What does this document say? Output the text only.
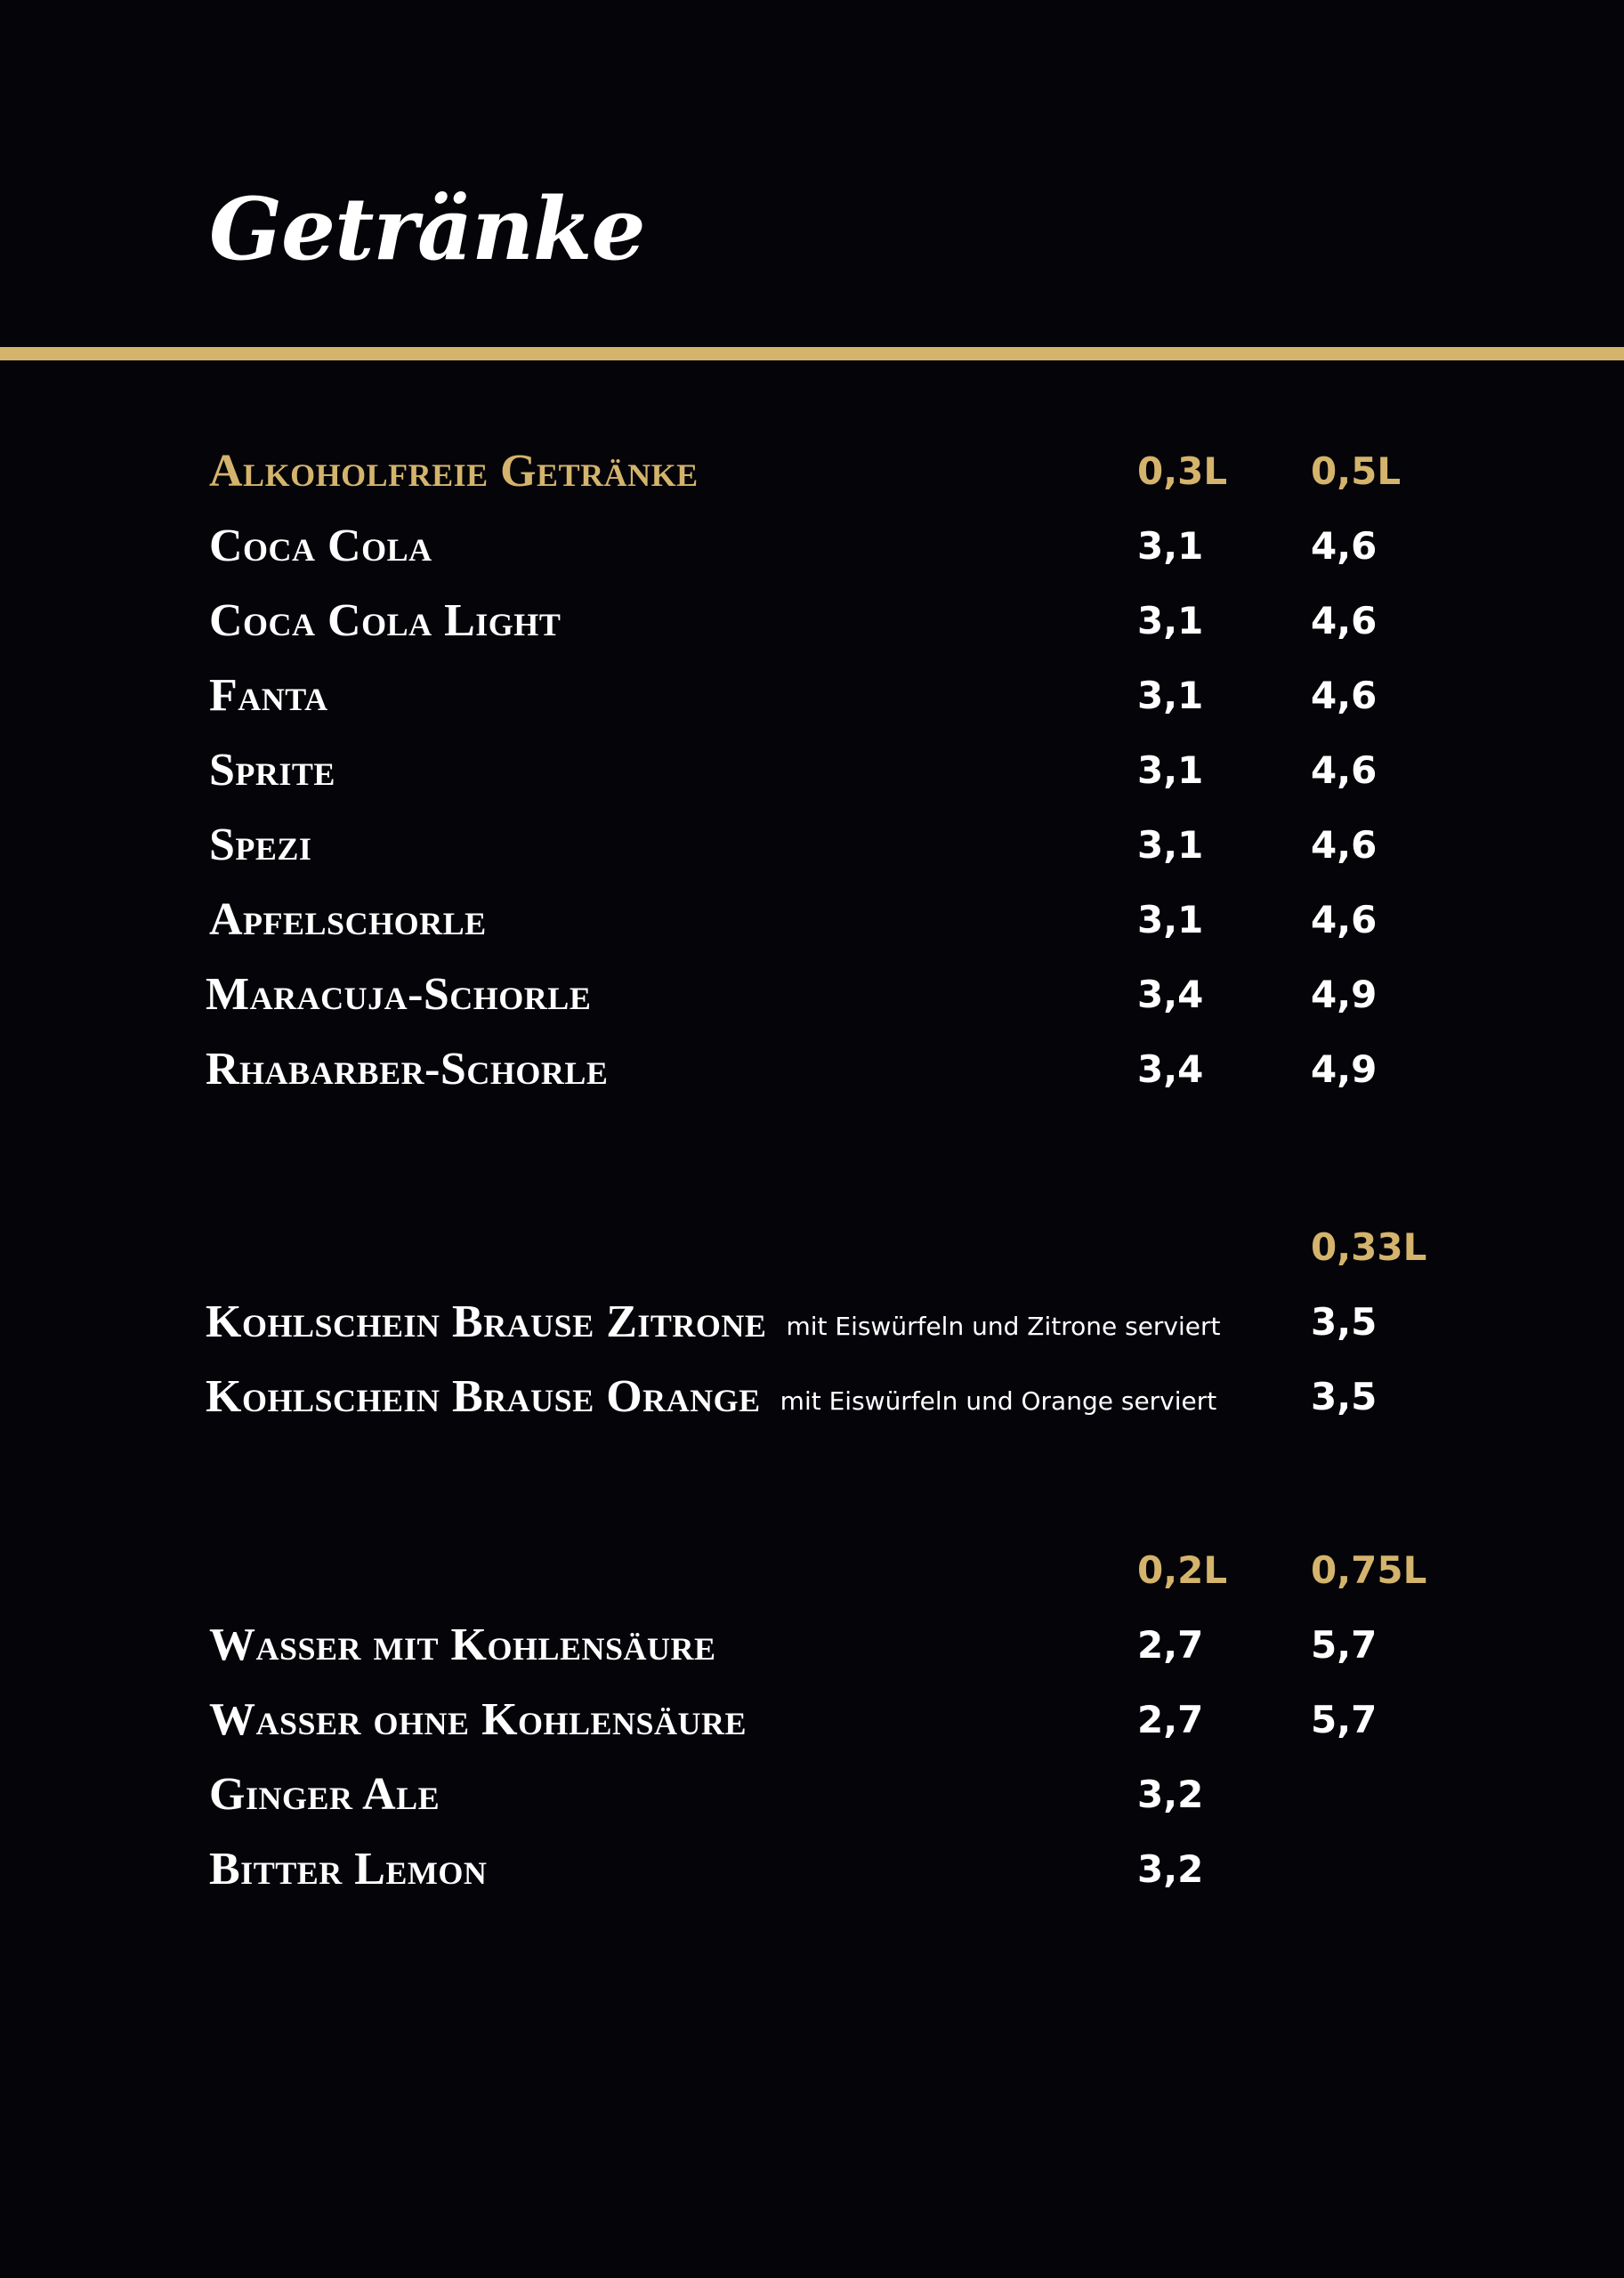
Getränke
Alkoholfreie Getränke	0,3L 0,5L
Coca Cola	3,1	4,6
Coca Cola Light	3,1	4,6
Fanta	3,1	4,6
Sprite	3,1	4,6
Spezi	3,1	4,6
Apfelschorle	3,1	4,6
Maracuja-Schorle	3,4	4,9
Rhabarber-Schorle	3,4	4,9
0,33L
Kohlschein Brause Zitrone mit Eiswürfeln und Zitrone serviert 3,5
Kohlschein Brause Orange mit Eiswürfeln und Orange serviert	3,5
0,2L 0,75L
Wasser mit Kohlensäure	2,7	5,7
Wasser ohne Kohlensäure	2,7	5,7
Ginger Ale	3,2
Bitter Lemon	3,2
